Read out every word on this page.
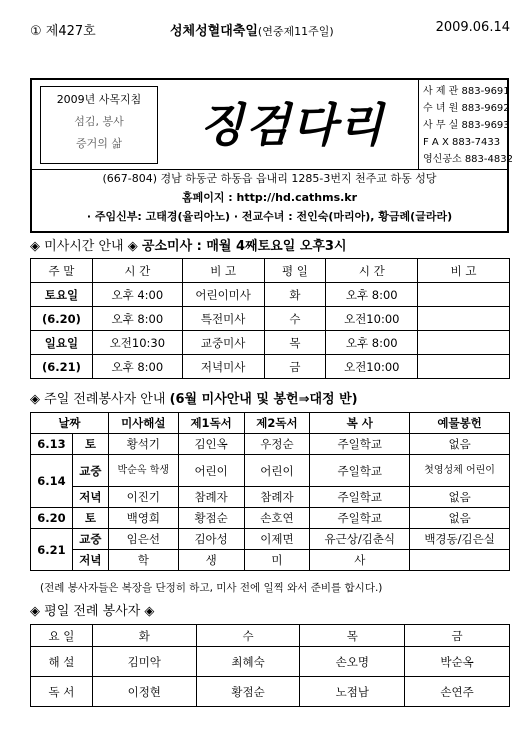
① 제427호	성체성혈대축일(연중제11주일)	2009.06.14
2009년 사목지침
섬김, 봉사
증거의 삶	징검다리
사 제 관 883-9691
수 녀 원 883-9692
사 무 실 883-9693
F A X 883-7433
영신공소 883-4832
(667-804) 경남 하동군 하동읍 읍내리 1285-3번지 천주교 하동 성당
홈페이지 : http://hd.cathms.kr
· 주임신부: 고태경(율리아노) · 전교수녀 : 전인숙(마리아), 황금례(글라라)
◈ 미사시간 안내 ◈ 공소미사 : 매월 4째토요일 오후3시
주 말	시 간	비 고	평 일	시 간	비 고
토요일	오후 4:00	어린이미사	화	오후 8:00	
(6.20)	오후 8:00	특전미사	수	오전10:00	
일요일	오전10:30	교중미사	목	오후 8:00	
(6.21)	오후 8:00	저녁미사	금	오전10:00	
◈ 주일 전례봉사자 안내 (6월 미사안내 및 봉헌⇒대정 반)
날짜		미사해설	제1독서	제2독서	복 사	예물봉헌
6.13	토	황석기	김인옥	우정순	주일학교	없음
6.14	교중	박순옥 학생	어린이	어린이	주일학교	첫영성체 어린이
	저녁	이진기	참례자	참례자	주일학교	없음
6.20	토	백영희	황점순	손호연	주일학교	없음
6.21	교중	임은선	김아성	이제면	유근상/김춘식	백경동/김은실
	저녁	학	생	미	사	
(전례 봉사자들은 복장을 단정히 하고, 미사 전에 일찍 와서 준비를 합시다.)
◈ 평일 전례 봉사자 ◈
요 일	화	수	목	금
해 설	김미악	최혜숙	손오명	박순옥
독 서	이정현	황점순	노점남	손연주
